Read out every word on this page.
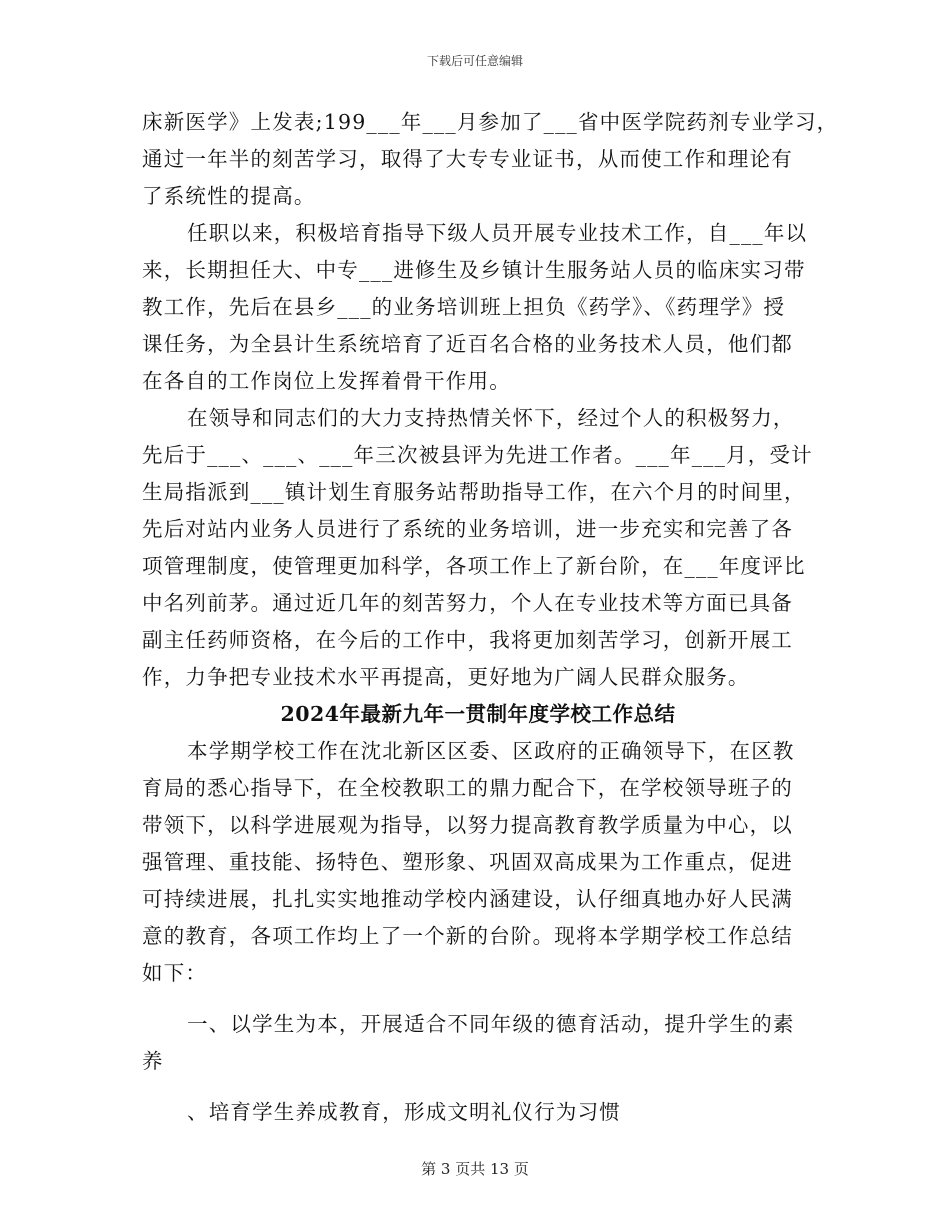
下载后可任意编辑
床新医学》上发表;199___年___月参加了___省中医学院药剂专业学习，
通过一年半的刻苦学习，取得了大专专业证书，从而使工作和理论有
了系统性的提高。
任职以来，积极培育指导下级人员开展专业技术工作，自___年以
来，长期担任大、中专___进修生及乡镇计生服务站人员的临床实习带
教工作，先后在县乡___的业务培训班上担负《药学》、《药理学》授
课任务，为全县计生系统培育了近百名合格的业务技术人员，他们都
在各自的工作岗位上发挥着骨干作用。
在领导和同志们的大力支持热情关怀下，经过个人的积极努力，
先后于___、___、___年三次被县评为先进工作者。___年___月，受计
生局指派到___镇计划生育服务站帮助指导工作，在六个月的时间里，
先后对站内业务人员进行了系统的业务培训，进一步充实和完善了各
项管理制度，使管理更加科学，各项工作上了新台阶，在___年度评比
中名列前茅。通过近几年的刻苦努力，个人在专业技术等方面已具备
副主任药师资格，在今后的工作中，我将更加刻苦学习，创新开展工
作，力争把专业技术水平再提高，更好地为广阔人民群众服务。
2024年最新九年一贯制年度学校工作总结
本学期学校工作在沈北新区区委、区政府的正确领导下，在区教
育局的悉心指导下，在全校教职工的鼎力配合下，在学校领导班子的
带领下，以科学进展观为指导，以努力提高教育教学质量为中心，以
强管理、重技能、扬特色、塑形象、巩固双高成果为工作重点，促进
可持续进展，扎扎实实地推动学校内涵建设，认仔细真地办好人民满
意的教育，各项工作均上了一个新的台阶。现将本学期学校工作总结
如下：
一、以学生为本，开展适合不同年级的德育活动，提升学生的素
养
、培育学生养成教育，形成文明礼仪行为习惯
第 3 页共 13 页
